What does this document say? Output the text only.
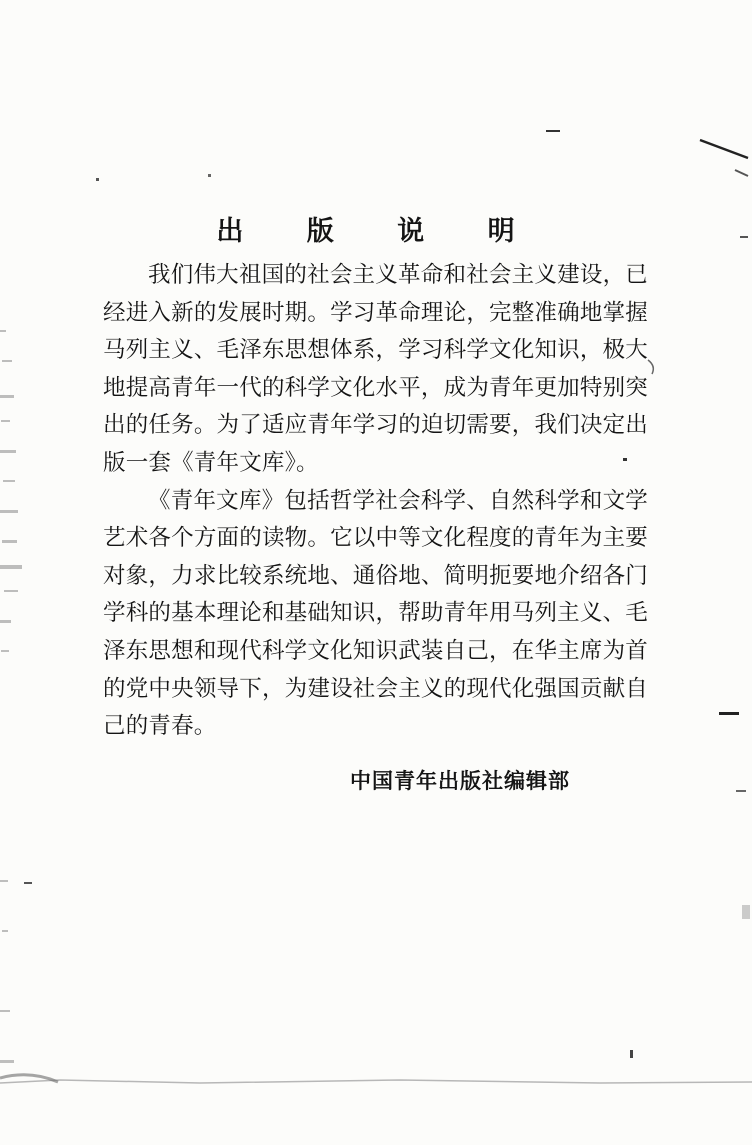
出 版 说 明

我们伟大祖国的社会主义革命和社会主义建设，已经进入新的发展时期。学习革命理论，完整准确地掌握马列主义、毛泽东思想体系，学习科学文化知识，极大地提高青年一代的科学文化水平，成为青年更加特别突出的任务。为了适应青年学习的迫切需要，我们决定出版一套《青年文库》。

《青年文库》包括哲学社会科学、自然科学和文学艺术各个方面的读物。它以中等文化程度的青年为主要对象，力求比较系统地、通俗地、简明扼要地介绍各门学科的基本理论和基础知识，帮助青年用马列主义、毛泽东思想和现代科学文化知识武装自己，在华主席为首的党中央领导下，为建设社会主义的现代化强国贡献自己的青春。

中国青年出版社编辑部
